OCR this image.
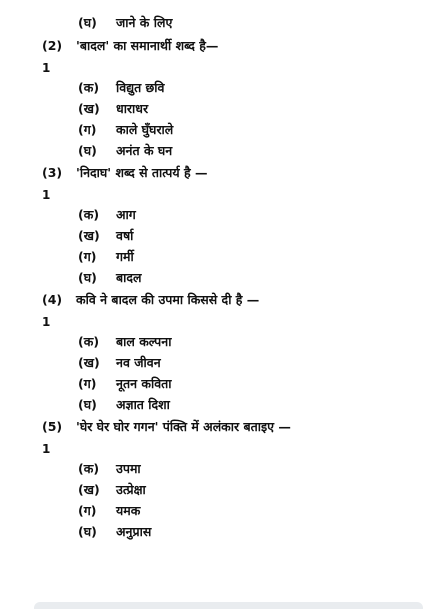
(घ) जाने के लिए
(2) 'बादल' का समानार्थी शब्द है—
1
(क) विद्युत छवि
(ख) धाराधर
(ग) काले घुँघराले
(घ) अनंत के घन
(3) 'निदाघ' शब्द से तात्पर्य है —
1
(क) आग
(ख) वर्षा
(ग) गर्मी
(घ) बादल
(4) कवि ने बादल की उपमा किससे दी है —
1
(क) बाल कल्पना
(ख) नव जीवन
(ग) नूतन कविता
(घ) अज्ञात दिशा
(5) 'घेर घेर घोर गगन' पंक्ति में अलंकार बताइए —
1
(क) उपमा
(ख) उत्प्रेक्षा
(ग) यमक
(घ) अनुप्रास
